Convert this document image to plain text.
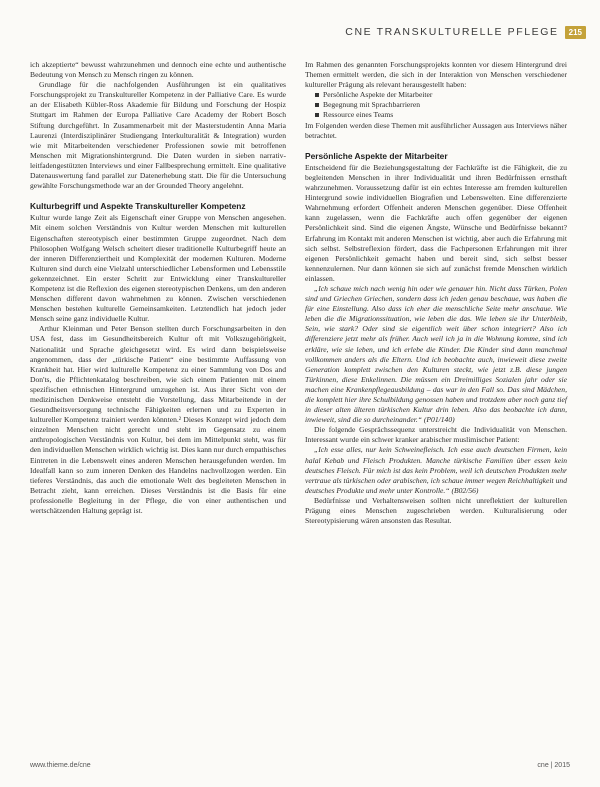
CNE TRANSKULTURELLE PFLEGE	215

ich akzeptierte“ bewusst wahrzunehmen und dennoch eine echte und authentische Bedeutung von Mensch zu Mensch ringen zu können.

Grundlage für die nachfolgenden Ausführungen ist ein qualitatives Forschungsprojekt zu Transkultureller Kompetenz in der Palliative Care. Es wurde an der Elisabeth Kübler-Ross Akademie für Bildung und Forschung der Hospiz Stuttgart im Rahmen der Europa Palliative Care Academy der Robert Bosch Stiftung durchgeführt. In Zusammenarbeit mit der Masterstudentin Anna Maria Laurenzi (Interdisziplinärer Studiengang Interkulturalität & Integration) wurden wie mit Mitarbeitenden verschiedener Professionen sowie mit betroffenen Menschen mit Migrationshintergrund. Die Daten wurden in sieben narrativ-leitfadengestützten Interviews und einer Fallbesprechung ermittelt. Eine qualitative Datenauswertung fand parallel zur Datenerhebung statt. Die für die Untersuchung gewählte Forschungsmethode war an der Grounded Theory angelehnt.

Kulturbegriff und Aspekte Transkultureller Kompetenz

Kultur wurde lange Zeit als Eigenschaft einer Gruppe von Menschen angesehen. Mit einem solchen Verständnis von Kultur werden Menschen mit kulturellen Eigenschaften stereotypisch einer bestimmten Gruppe zugeordnet. Nach dem Philosophen Wolfgang Welsch scheitert dieser traditionelle Kulturbegriff heute an der inneren Differenziertheit und Komplexität der modernen Kulturen. Moderne Kulturen sind durch eine Vielzahl unterschiedlicher Lebensformen und Lebensstile gekennzeichnet. Ein erster Schritt zur Entwicklung einer Transkultureller Kompetenz ist die Reflexion des eigenen stereotypischen Denkens, um den anderen Menschen different davon wahrnehmen zu können. Zwischen verschiedenen Menschen bestehen kulturelle Gemeinsamkeiten. Letztendlich hat jedoch jeder Mensch seine ganz individuelle Kultur.

Arthur Kleinman und Peter Benson stellten durch Forschungsarbeiten in den USA fest, dass im Gesundheitsbereich Kultur oft mit Volkszugehörigkeit, Nationalität und Sprache gleichgesetzt wird. Es wird dann beispielsweise angenommen, dass der „türkische Patient“ eine bestimmte Auffassung von Krankheit hat. Hier wird kulturelle Kompetenz zu einer Sammlung von Dos and Don'ts, die Pflichtenkatalog beschreiben, wie sich einem Patienten mit einem spezifischen ethnischen Hintergrund umzugehen ist. Aus ihrer Sicht von der medizinischen Denkweise entsteht die Vorstellung, dass Mitarbeitende in der Gesundheitsversorgung technische Fähigkeiten erlernen und zu Experten in kultureller Kompetenz trainiert werden könnten.² Dieses Konzept wird jedoch dem einzelnen Menschen nicht gerecht und steht im Gegensatz zu einem anthropologischen Verständnis von Kultur, bei dem im Mittelpunkt steht, was für den individuellen Menschen wirklich wichtig ist. Dies kann nur durch empathisches Eintreten in die Lebenswelt eines anderen Menschen herausgefunden werden. Im Idealfall kann so zum inneren Denken des Handelns nachvollzogen werden. Ein tieferes Verständnis, das auch die emotionale Welt des begleiteten Menschen in Betracht zieht, kann erreichen. Dieses Verständnis ist die Basis für eine professionelle Begleitung in der Pflege, die von einer authentischen und wertschätzenden Haltung geprägt ist.

Im Rahmen des genannten Forschungsprojekts konnten vor diesem Hintergrund drei Themen ermittelt werden, die sich in der Interaktion von Menschen verschiedener kultureller Prägung als relevant herausgestellt haben:

Persönliche Aspekte der Mitarbeiter
Begegnung mit Sprachbarrieren
Ressource eines Teams

Im Folgenden werden diese Themen mit ausführlicher Aussagen aus Interviews näher betrachtet.

Persönliche Aspekte der Mitarbeiter

Entscheidend für die Beziehungsgestaltung der Fachkräfte ist die Fähigkeit, die zu begleitenden Menschen in ihrer Individualität und ihren Bedürfnissen ernsthaft wahrzunehmen. Voraussetzung dafür ist ein echtes Interesse am fremden kulturellen Hintergrund sowie individuellen Biografien und Lebenswelten. Eine differenzierte Wahrnehmung erfordert Offenheit anderen Menschen gegenüber. Diese Offenheit kann zugelassen, wenn die Fachkräfte auch offen gegenüber der eigenen Persönlichkeit sind. Sind die eigenen Ängste, Wünsche und Bedürfnisse bekannt? Erfahrung im Kontakt mit anderen Menschen ist wichtig, aber auch die Erfahrung mit sich selbst. Selbstreflexion fördert, dass die Fachpersonen Erfahrungen mit ihrer eigenen Persönlichkeit gemacht haben und bereit sind, sich selbst besser kennenzulernen. Nur dann können sie sich auf zunächst fremde Menschen wirklich einlassen.

„Ich schaue mich nach wenig hin oder wie genauer hin. Nicht dass Türken, Polen sind und Griechen Griechen, sondern dass ich jeden genau beschaue, was haben die für eine Einstellung. Also dass ich eher die menschliche Seite mehr anschaue. Wie leben die die Migrationssituation, wie leben die das. Wie leben sie ihr Unterbleib, Sein, wie stark? Oder sind sie eigentlich weit über schon integriert? Also ich differenziere jetzt mehr als früher. Auch weil ich ja in die Wohnung komme, sind ich erkläre, wie sie leben, und ich erlebe die Kinder. Die Kinder sind dann manchmal vollkommen anders als die Eltern. Und ich beobachte auch, inwieweit diese zweite Generation komplett zwischen den Kulturen steckt, wie jetzt z.B. diese jungen Türkinnen, diese Enkelinnen. Die müssen ein Dreimilliges Sozialen jahr oder sie machen eine Krankenpflegeausbildung – das war in den Fall so. Das sind Mädchen, die komplett hier ihre Schulbildung genossen haben und trotzdem aber noch ganz tief in dieser alten älteren türkischen Kultur drin leben. Also das beobachte ich dann, inwieweit, sind die so durcheinander.“ (P01/140)

Die folgende Gesprächssequenz unterstreicht die Individualität von Menschen. Interessant wurde ein schwer kranker arabischer muslimischer Patient:

„Ich esse alles, nur kein Schweinefleisch. Ich esse auch deutschen Firmen, kein halal Kebab und Fleisch Produkten. Manche türkische Familien über essen kein deutsches Fleisch. Für mich ist das kein Problem, weil ich deutschen Produkten mehr vertraue als türkischen oder arabischen, ich schaue immer wegen Reichhaltigkeit und deutsches Produkte und mehr unter Kontrolle.“ (B02/56)

Bedürfnisse und Verhaltensweisen sollten nicht unreflektiert der kulturellen Prägung eines Menschen zugeschrieben werden. Kulturalisierung oder Stereotypisierung wären ansonsten das Resultat.

www.thieme.de/cne	cne | 2015
